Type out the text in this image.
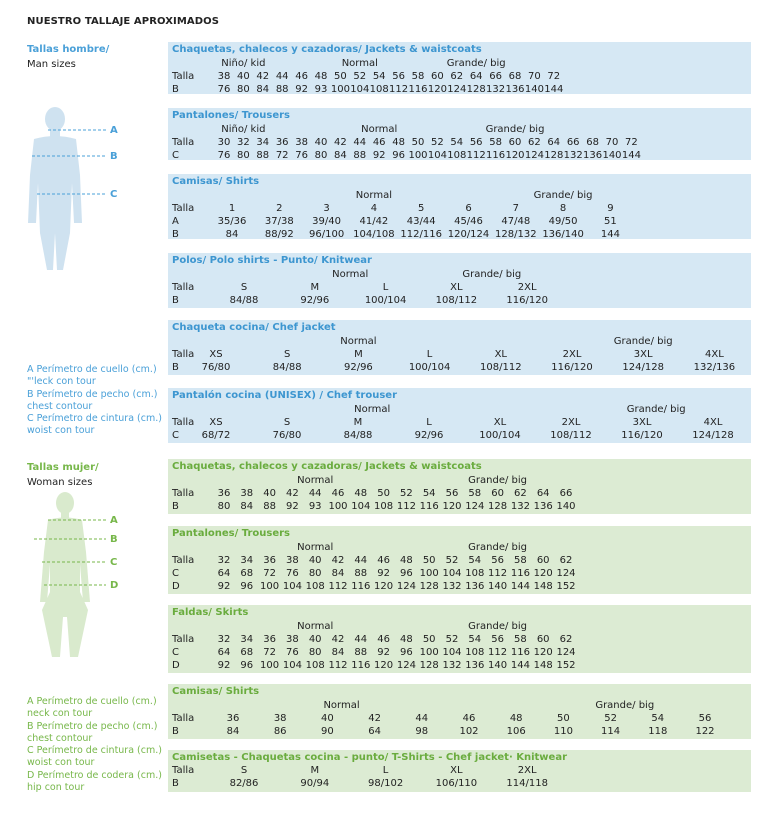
NUESTRO TALLAJE APROXIMADOS
Tallas hombre/
Man sizes
A
B
C
A Perímetro de cuello (cm.)
"'leck con tour
B Perímetro de pecho (cm.)
chest contour
C Perímetro de cintura (cm.)
woist con tour
Tallas mujer/
Woman sizes
A
B
C
D
A Perímetro de cuello (cm.)
neck con tour
B Perímetro de pecho (cm.)
chest contour
C Perímetro de cintura (cm.)
woist con tour
D Perímetro de codera (cm.)
hip con tour
Chaquetas, chalecos y cazadoras/ Jackets & waistcoats
Niño/ kid	Normal	Grande/ big
Talla 38 40 42 44 46 48 50 52 54 56 58 60 62 64 66 68 70 72
B	76 80 84 88 92 93 100 104 108 112 116 120 124 128 132 136 140 144
Pantalones/ Trousers
Niño/ kid	Normal	Grande/ big
Talla 30 32 34 36 38 40 42 44 46 48 50 52 54 56 58 60 62 64 66 68 70 72
C	76 80 88 72 76 80 84 88 92 96 100 104 108 112 116 120 124 128 132 136 140 144
Camisas/ Shirts
Normal	Grande/ big
Talla	1	2	3	4	5	6	7	8	9
A	35/36 37/38 39/40 41/42 43/44 45/46 47/48 49/50	51
B	84	88/92 96/100 104/108 112/116 120/124 128/132 136/140 144
Polos/ Polo shirts - Punto/ Knitwear
Normal	Grande/ big
Talla	S	M	L	XL	2XL
B	84/88	92/96	100/104	108/112	116/120
Chaqueta cocina/ Chef jacket
Normal	Grande/ big
Talla XS	S	M	L	XL	2XL	3XL	4XL
B 76/80	84/88	92/96	100/104	108/112	116/120	124/128	132/136
Pantalón cocina (UNISEX) / Chef trouser
Normal	Grande/ big
Talla XS	S	M	L	XL	2XL	3XL	4XL
C 68/72	76/80	84/88	92/96	100/104	108/112	116/120	124/128
Chaquetas, chalecos y cazadoras/ Jackets & waistcoats
Normal	Grande/ big
Talla 36 38 40 42 44 46 48 50 52 54 56 58 60 62 64 66
B	80 84 88 92 93 100 104 108 112 116 120 124 128 132 136 140
Pantalones/ Trousers
Normal	Grande/ big
Talla 32 34 36 38 40 42 44 46 48 50 52 54 56 58 60 62
C	64 68 72 76 80 84 88 92 96 100 104 108 112 116 120 124
D	92 96 100 104 108 112 116 120 124 128 132 136 140 144 148 152
Faldas/ Skirts
Normal	Grande/ big
Talla 32 34 36 38 40 42 44 46 48 50 52 54 56 58 60 62
C	64 68 72 76 80 84 88 92 96 100 104 108 112 116 120 124
D	92 96 100 104 108 112 116 120 124 128 132 136 140 144 148 152
Camisas/ Shirts
Normal	Grande/ big
Talla	36	38	40	42	44	46	48	50	52	54	56
B	84	86	90	64	98	102	106	110	114	118	122
Camisetas - Chaquetas cocina - punto/ T-Shirts - Chef jacket· Knitwear
Talla	S	M	L	XL	2XL
B	82/86	90/94	98/102	106/110	114/118
